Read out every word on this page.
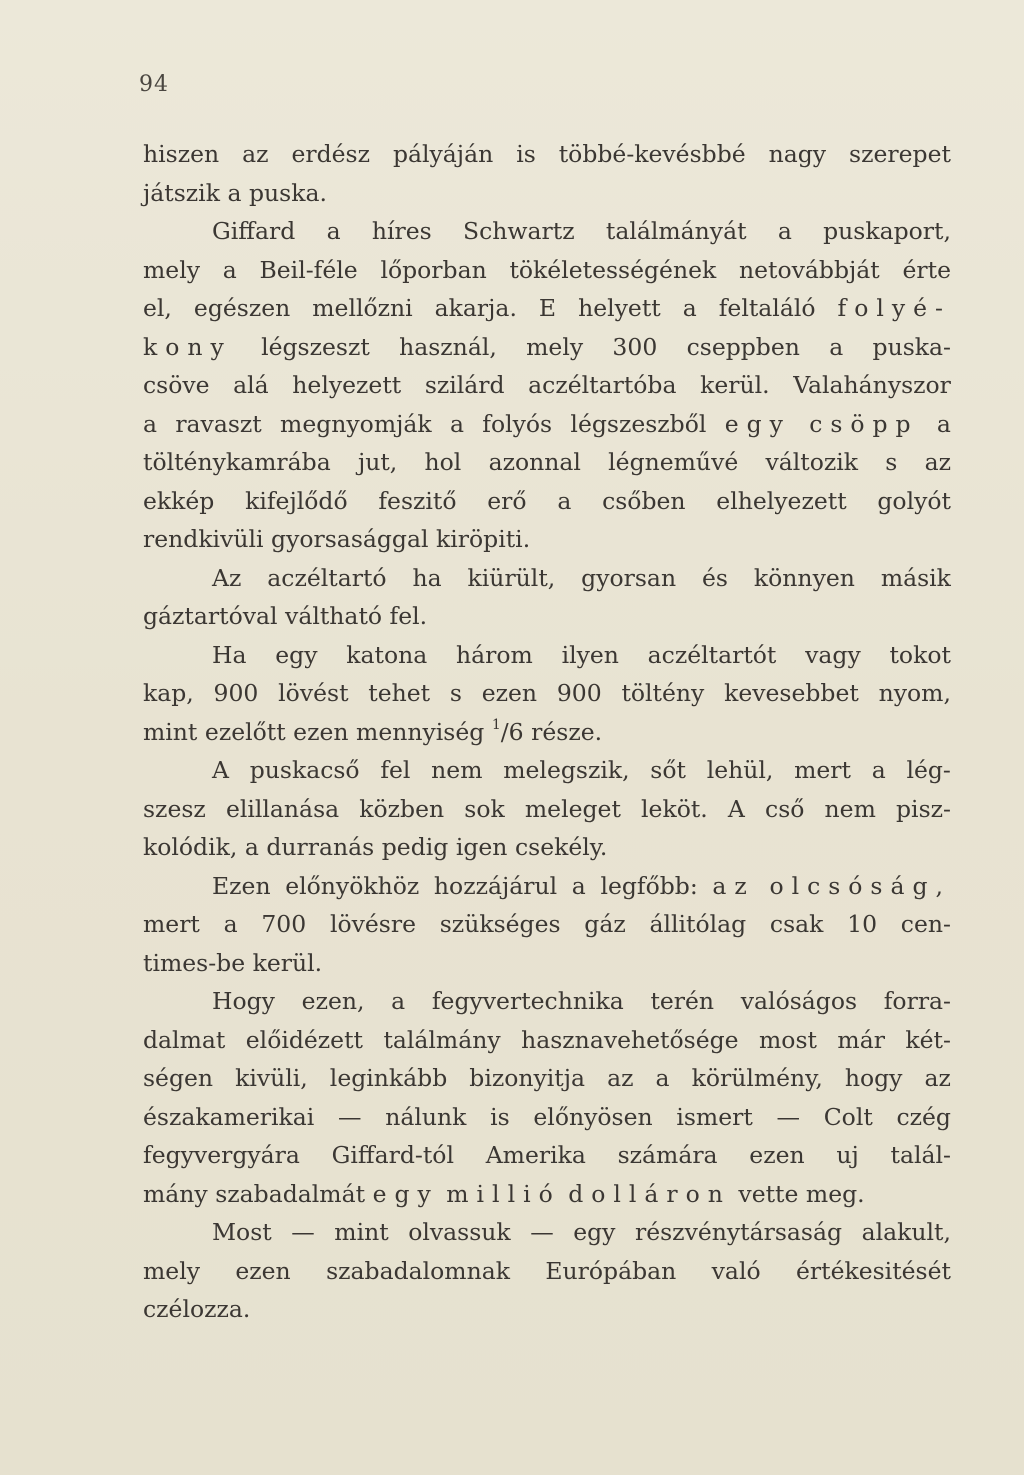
94
hiszen az erdész pályáján is többé-kevésbbé nagy szerepet
játszik a puska.
Giffard a híres Schwartz találmányát a puskaport,
mely a Beil-féle lőporban tökéletességének netovábbját érte
el, egészen mellőzni akarja. E helyett a feltaláló folyé-
kony légszeszt használ, mely 300 cseppben a puska-
csöve alá helyezett szilárd aczéltartóba kerül. Valahányszor
a ravaszt megnyomják a folyós légszeszből egy csöpp a
tölténykamrába jut, hol azonnal légneművé változik s az
ekkép kifejlődő feszitő erő a csőben elhelyezett golyót
rendkivüli gyorsasággal kiröpiti.
Az aczéltartó ha kiürült, gyorsan és könnyen másik
gáztartóval váltható fel.
Ha egy katona három ilyen aczéltartót vagy tokot
kap, 900 lövést tehet s ezen 900 töltény kevesebbet nyom,
mint ezelőtt ezen mennyiség $^1$/6 része.
A puskacső fel nem melegszik, sőt lehül, mert a lég-
szesz elillanása közben sok meleget leköt. A cső nem pisz-
kolódik, a durranás pedig igen csekély.
Ezen előnyökhöz hozzájárul a legfőbb: az olcsóság,
mert a 700 lövésre szükséges gáz állitólag csak 10 cen-
times-be kerül.
Hogy ezen, a fegyvertechnika terén valóságos forra-
dalmat előidézett találmány hasznavehetősége most már két-
ségen kivüli, leginkább bizonyitja az a körülmény, hogy az
északamerikai — nálunk is előnyösen ismert — Colt czég
fegyvergyára Giffard-tól Amerika számára ezen uj talál-
mány szabadalmát egy millió dolláron vette meg.
Most — mint olvassuk — egy részvénytársaság alakult,
mely ezen szabadalomnak Európában való értékesitését
czélozza.
